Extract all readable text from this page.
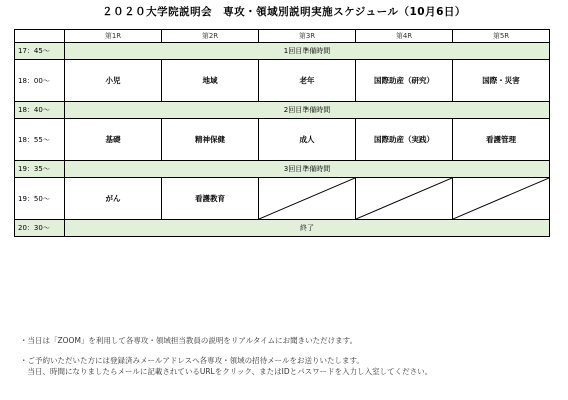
２０２０大学院説明会　専攻・領域別説明実施スケジュール（10月6日）
	第1R	第2R	第3R	第4R	第5R
17：45～	1回目準備時間				
18：00～	小児	地域	老年	国際助産（研究）	国際・災害
18：40～	2回目準備時間				
18：55～	基礎	精神保健	成人	国際助産（実践）	看護管理
19：35～	3回目準備時間				
19：50～	がん	看護教育	

20：30～	終了				

・当日は「ZOOM」を利用して各専攻・領域担当教員の説明をリアルタイムにお聞きいただけます。

・ご予約いただいた方には登録済みメールアドレスへ各専攻・領域の招待メールをお送りいたします。

　当日、時間になりましたらメールに記載されているURLをクリック、またはIDとパスワードを入力し入室してください。
